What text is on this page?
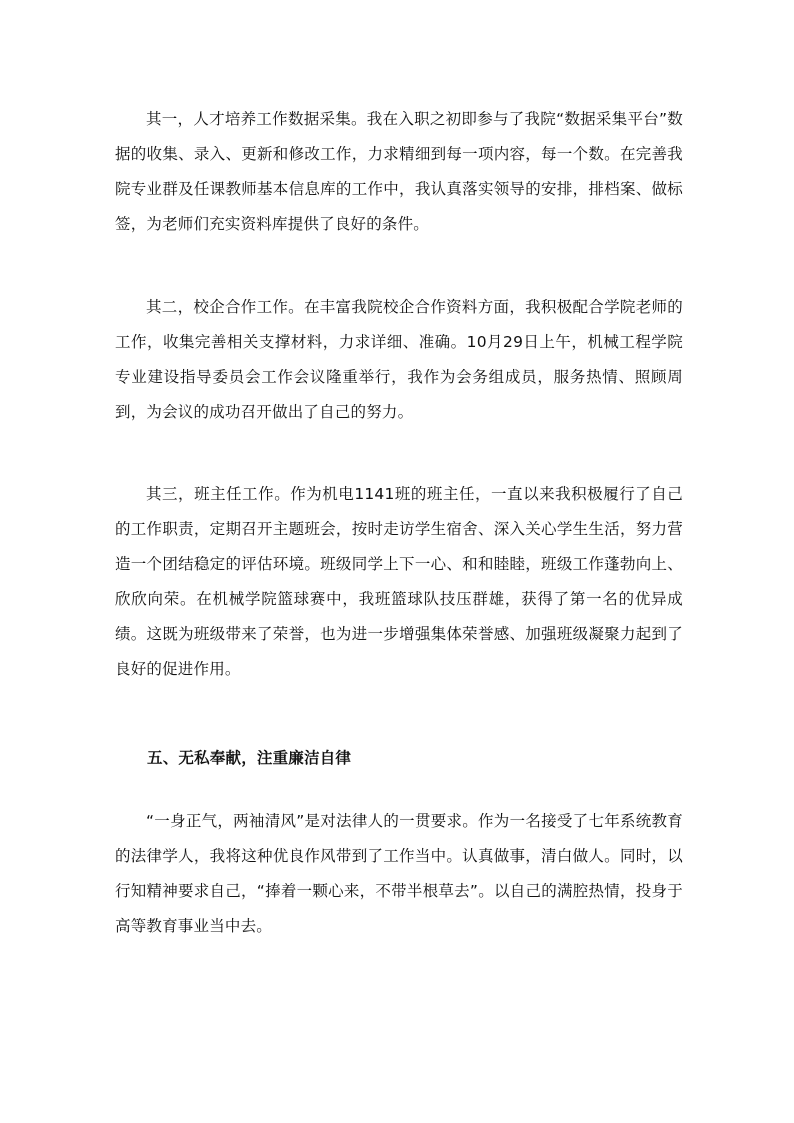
其一，人才培养工作数据采集。我在入职之初即参与了我院“数据采集平台”数据的收集、录入、更新和修改工作，力求精细到每一项内容，每一个数。在完善我院专业群及任课教师基本信息库的工作中，我认真落实领导的安排，排档案、做标签，为老师们充实资料库提供了良好的条件。

其二，校企合作工作。在丰富我院校企合作资料方面，我积极配合学院老师的工作，收集完善相关支撑材料，力求详细、准确。10月29日上午，机械工程学院专业建设指导委员会工作会议隆重举行，我作为会务组成员，服务热情、照顾周到，为会议的成功召开做出了自己的努力。

其三，班主任工作。作为机电1141班的班主任，一直以来我积极履行了自己的工作职责，定期召开主题班会，按时走访学生宿舍、深入关心学生生活，努力营造一个团结稳定的评估环境。班级同学上下一心、和和睦睦，班级工作蓬勃向上、欣欣向荣。在机械学院篮球赛中，我班篮球队技压群雄，获得了第一名的优异成绩。这既为班级带来了荣誉，也为进一步增强集体荣誉感、加强班级凝聚力起到了良好的促进作用。

五、无私奉献，注重廉洁自律

“一身正气，两袖清风”是对法律人的一贯要求。作为一名接受了七年系统教育的法律学人，我将这种优良作风带到了工作当中。认真做事，清白做人。同时，以行知精神要求自己，“捧着一颗心来，不带半根草去”。以自己的满腔热情，投身于高等教育事业当中去。
